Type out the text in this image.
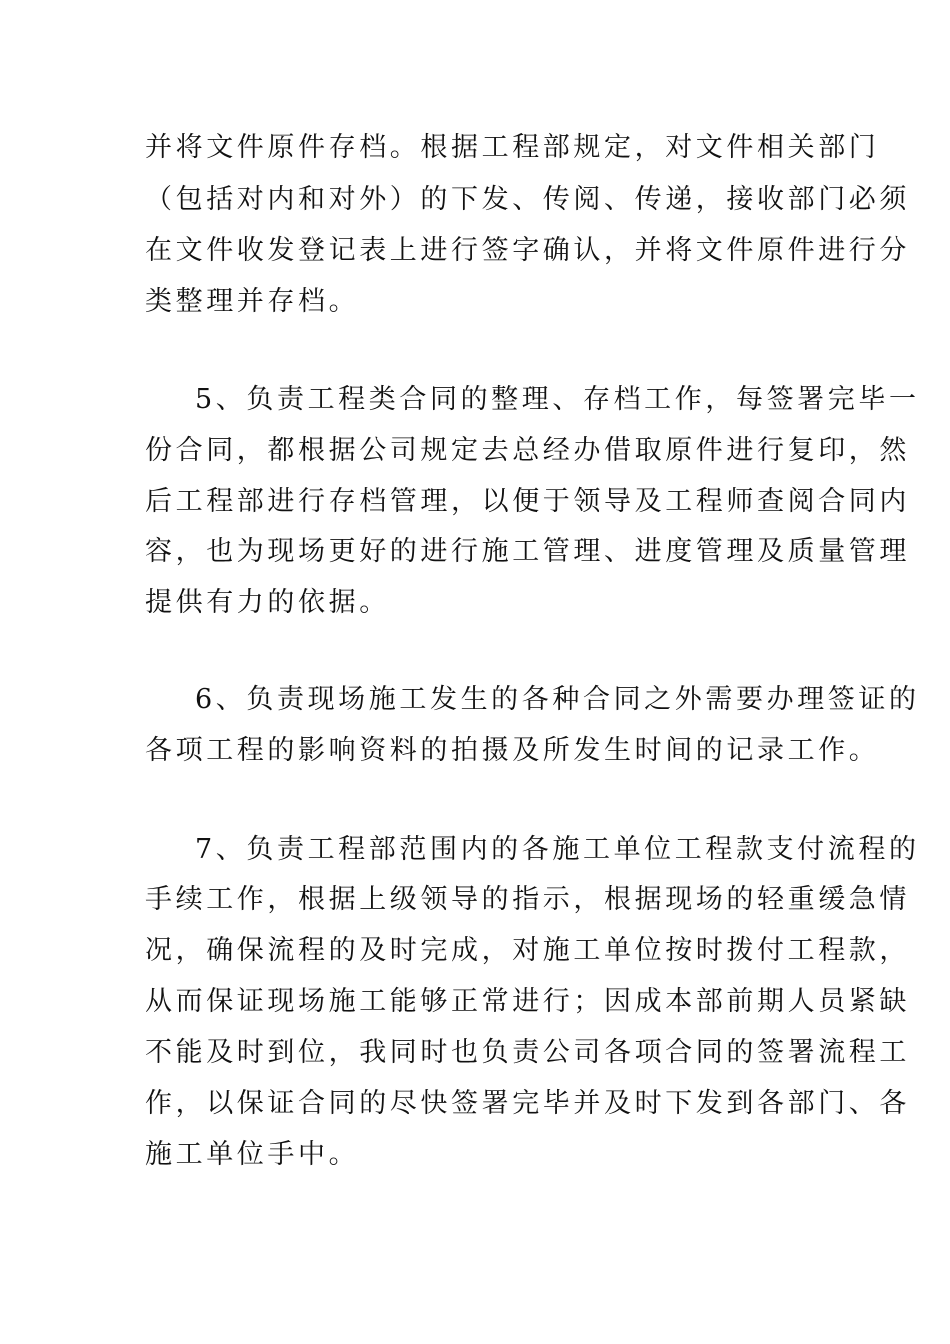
并将文件原件存档。根据工程部规定，对文件相关部门
（包括对内和对外）的下发、传阅、传递，接收部门必须
在文件收发登记表上进行签字确认，并将文件原件进行分
类整理并存档。
5、负责工程类合同的整理、存档工作，每签署完毕一
份合同，都根据公司规定去总经办借取原件进行复印，然
后工程部进行存档管理，以便于领导及工程师查阅合同内
容，也为现场更好的进行施工管理、进度管理及质量管理
提供有力的依据。
6、负责现场施工发生的各种合同之外需要办理签证的
各项工程的影响资料的拍摄及所发生时间的记录工作。
7、负责工程部范围内的各施工单位工程款支付流程的
手续工作，根据上级领导的指示，根据现场的轻重缓急情
况，确保流程的及时完成，对施工单位按时拨付工程款，
从而保证现场施工能够正常进行；因成本部前期人员紧缺
不能及时到位，我同时也负责公司各项合同的签署流程工
作，以保证合同的尽快签署完毕并及时下发到各部门、各
施工单位手中。
